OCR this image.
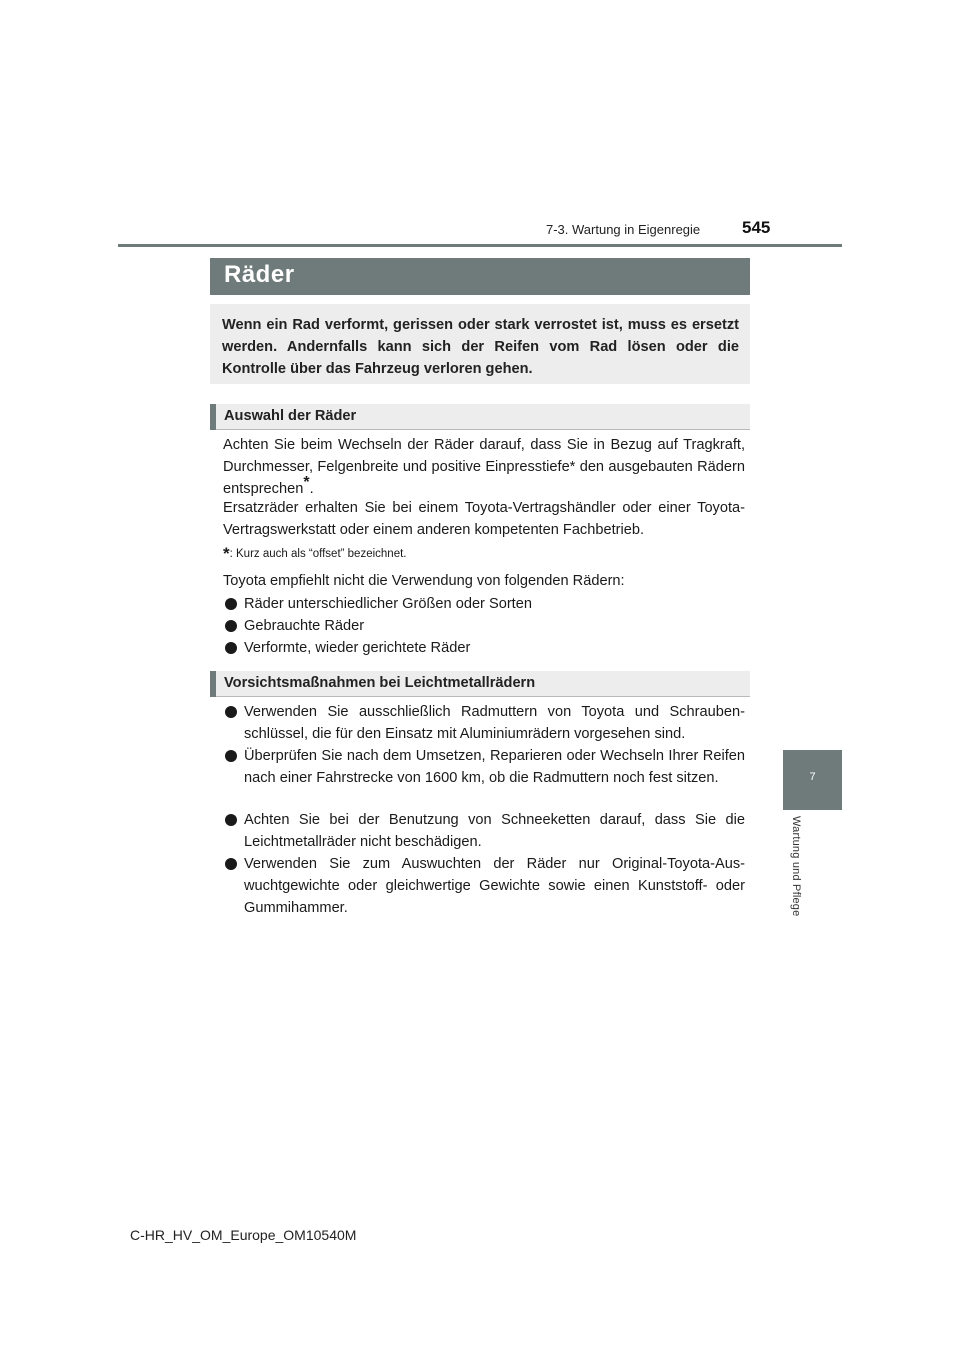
7-3. Wartung in Eigenregie 545
7
Wartung und Pflege
Räder
Wenn ein Rad verformt, gerissen oder stark verrostet ist, muss es ersetzt werden. Andernfalls kann sich der Reifen vom Rad lösen oder die Kontrolle über das Fahrzeug verloren gehen.
Auswahl der Räder
Achten Sie beim Wechseln der Räder darauf, dass Sie in Bezug auf Tragkraft, Durchmesser, Felgenbreite und positive Einpresstiefe* den ausgebauten Rädern entsprechen*.
Ersatzräder erhalten Sie bei einem Toyota-Vertragshändler oder einer Toyota-Vertragswerkstatt oder einem anderen kompetenten Fachbetrieb.
*: Kurz auch als “offset” bezeichnet.
Toyota empfiehlt nicht die Verwendung von folgenden Rädern:
Räder unterschiedlicher Größen oder Sorten
Gebrauchte Räder
Verformte, wieder gerichtete Räder
Vorsichtsmaßnahmen bei Leichtmetallrädern
Verwenden Sie ausschließlich Radmuttern von Toyota und Schraubenschlüssel, die für den Einsatz mit Aluminiumrädern vorgesehen sind.
Überprüfen Sie nach dem Umsetzen, Reparieren oder Wechseln Ihrer Reifen nach einer Fahrstrecke von 1600 km, ob die Radmuttern noch fest sitzen.
Achten Sie bei der Benutzung von Schneeketten darauf, dass Sie die Leichtmetallräder nicht beschädigen.
Verwenden Sie zum Auswuchten der Räder nur Original-Toyota-Auswuchtgewichte oder gleichwertige Gewichte sowie einen Kunststoff- oder Gummihammer.
C-HR_HV_OM_Europe_OM10540M
